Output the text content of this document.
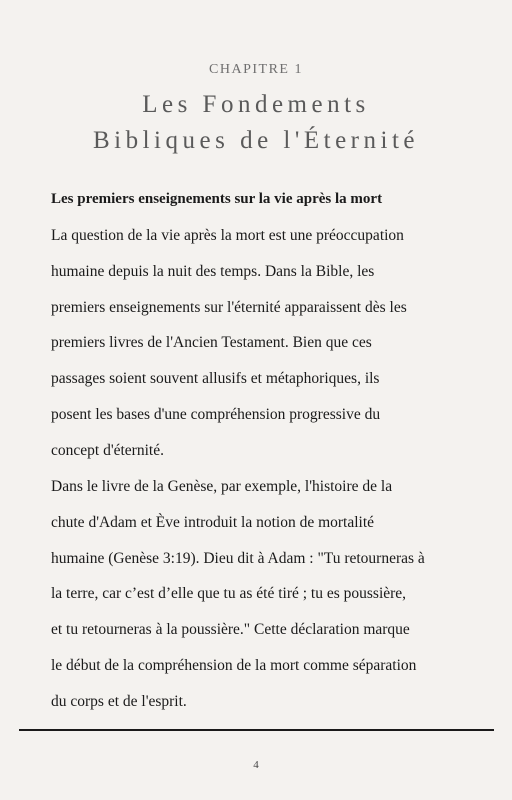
CHAPITRE 1
Les Fondements
Bibliques de l'Éternité
Les premiers enseignements sur la vie après la mort

La question de la vie après la mort est une préoccupation
humaine depuis la nuit des temps. Dans la Bible, les
premiers enseignements sur l'éternité apparaissent dès les
premiers livres de l'Ancien Testament. Bien que ces
passages soient souvent allusifs et métaphoriques, ils
posent les bases d'une compréhension progressive du
concept d'éternité.

Dans le livre de la Genèse, par exemple, l'histoire de la
chute d'Adam et Ève introduit la notion de mortalité
humaine (Genèse 3:19). Dieu dit à Adam : "Tu retourneras à
la terre, car c’est d’elle que tu as été tiré ; tu es poussière,
et tu retourneras à la poussière." Cette déclaration marque
le début de la compréhension de la mort comme séparation
du corps et de l'esprit.

4
